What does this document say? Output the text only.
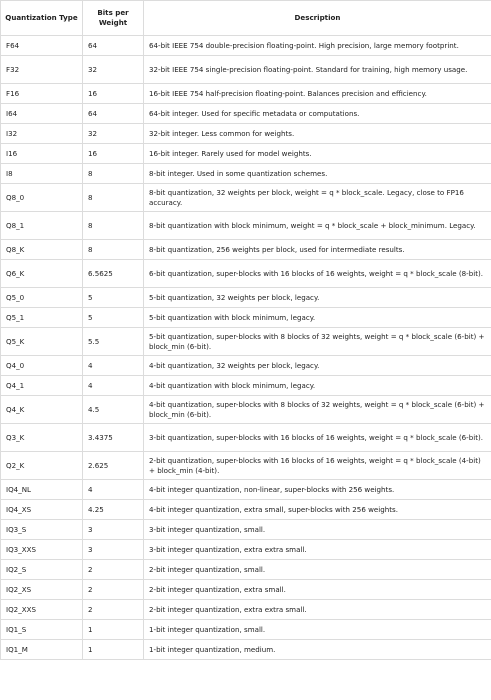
Quantization Type	Bits per Weight	Description
F64	64	64-bit IEEE 754 double-precision floating-point. High precision, large memory footprint.
F32	32	32-bit IEEE 754 single-precision floating-point. Standard for training, high memory usage.
F16	16	16-bit IEEE 754 half-precision floating-point. Balances precision and efficiency.
I64	64	64-bit integer. Used for specific metadata or computations.
I32	32	32-bit integer. Less common for weights.
I16	16	16-bit integer. Rarely used for model weights.
I8	8	8-bit integer. Used in some quantization schemes.
Q8_0	8	8-bit quantization, 32 weights per block, weight = q * block_scale. Legacy, close to FP16 accuracy.
Q8_1	8	8-bit quantization with block minimum, weight = q * block_scale + block_minimum. Legacy.
Q8_K	8	8-bit quantization, 256 weights per block, used for intermediate results.
Q6_K	6.5625	6-bit quantization, super-blocks with 16 blocks of 16 weights, weight = q * block_scale (8-bit).
Q5_0	5	5-bit quantization, 32 weights per block, legacy.
Q5_1	5	5-bit quantization with block minimum, legacy.
Q5_K	5.5	5-bit quantization, super-blocks with 8 blocks of 32 weights, weight = q * block_scale (6-bit) + block_min (6-bit).
Q4_0	4	4-bit quantization, 32 weights per block, legacy.
Q4_1	4	4-bit quantization with block minimum, legacy.
Q4_K	4.5	4-bit quantization, super-blocks with 8 blocks of 32 weights, weight = q * block_scale (6-bit) + block_min (6-bit).
Q3_K	3.4375	3-bit quantization, super-blocks with 16 blocks of 16 weights, weight = q * block_scale (6-bit).
Q2_K	2.625	2-bit quantization, super-blocks with 16 blocks of 16 weights, weight = q * block_scale (4-bit) + block_min (4-bit).
IQ4_NL	4	4-bit integer quantization, non-linear, super-blocks with 256 weights.
IQ4_XS	4.25	4-bit integer quantization, extra small, super-blocks with 256 weights.
IQ3_S	3	3-bit integer quantization, small.
IQ3_XXS	3	3-bit integer quantization, extra extra small.
IQ2_S	2	2-bit integer quantization, small.
IQ2_XS	2	2-bit integer quantization, extra small.
IQ2_XXS	2	2-bit integer quantization, extra extra small.
IQ1_S	1	1-bit integer quantization, small.
IQ1_M	1	1-bit integer quantization, medium.
